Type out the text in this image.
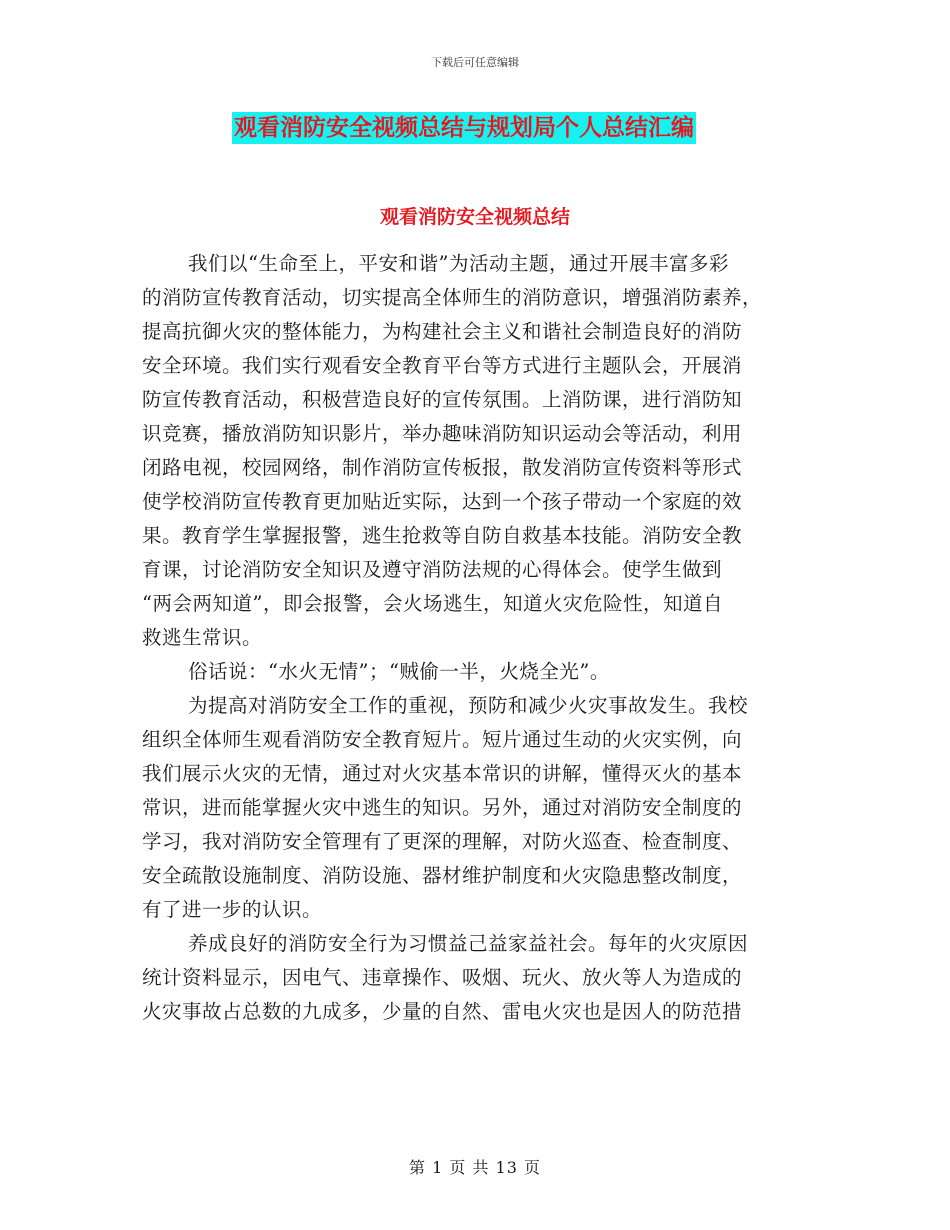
下载后可任意编辑
观看消防安全视频总结与规划局个人总结汇编
观看消防安全视频总结
我们以“生命至上，平安和谐”为活动主题，通过开展丰富多彩
的消防宣传教育活动，切实提高全体师生的消防意识，增强消防素养，
提高抗御火灾的整体能力，为构建社会主义和谐社会制造良好的消防
安全环境。我们实行观看安全教育平台等方式进行主题队会，开展消
防宣传教育活动，积极营造良好的宣传氛围。上消防课，进行消防知
识竞赛，播放消防知识影片，举办趣味消防知识运动会等活动，利用
闭路电视，校园网络，制作消防宣传板报，散发消防宣传资料等形式
使学校消防宣传教育更加贴近实际，达到一个孩子带动一个家庭的效
果。教育学生掌握报警，逃生抢救等自防自救基本技能。消防安全教
育课，讨论消防安全知识及遵守消防法规的心得体会。使学生做到
“两会两知道”，即会报警，会火场逃生，知道火灾危险性，知道自
救逃生常识。
俗话说：“水火无情”；“贼偷一半，火烧全光”。
为提高对消防安全工作的重视，预防和减少火灾事故发生。我校
组织全体师生观看消防安全教育短片。短片通过生动的火灾实例，向
我们展示火灾的无情，通过对火灾基本常识的讲解，懂得灭火的基本
常识，进而能掌握火灾中逃生的知识。另外，通过对消防安全制度的
学习，我对消防安全管理有了更深的理解，对防火巡查、检查制度、
安全疏散设施制度、消防设施、器材维护制度和火灾隐患整改制度，
有了进一步的认识。
养成良好的消防安全行为习惯益己益家益社会。每年的火灾原因
统计资料显示，因电气、违章操作、吸烟、玩火、放火等人为造成的
火灾事故占总数的九成多，少量的自然、雷电火灾也是因人的防范措
第 1 页 共 13 页
